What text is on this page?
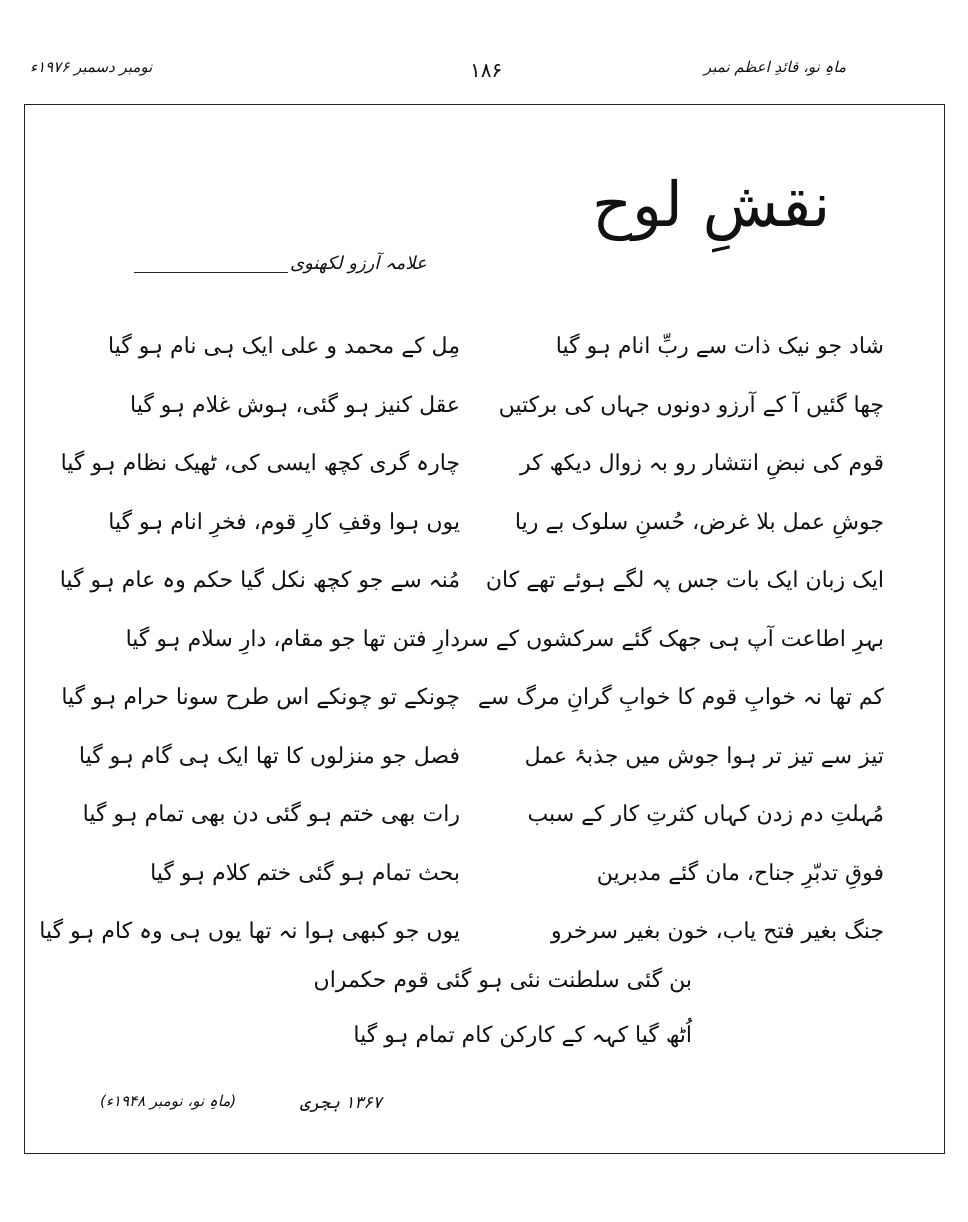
ماہِ نو، قائدِ اعظم نمبر
۱۸۶
نومبر دسمبر ۱۹۷۶ء
نقشِ لوح
علامہ آرزو لکھنوی
شاد جو نیک ذات سے ربِّ انام ہو گیا
چھا گئیں آ کے آرزو دونوں جہاں کی برکتیں
قوم کی نبضِ انتشار رو بہ زوال دیکھ کر
جوشِ عمل بلا غرض، حُسنِ سلوک بے ریا
ایک زبان ایک بات جس پہ لگے ہوئے تھے کان
بہرِ اطاعت آپ ہی جھک گئے سرکشوں کے سر
کم تھا نہ خوابِ قوم کا خوابِ گرانِ مرگ سے
تیز سے تیز تر ہوا جوش میں جذبۂ عمل
مُہلتِ دم زدن کہاں کثرتِ کار کے سبب
فوقِ تدبّرِ جناح، مان گئے مدبرین
جنگ بغیر فتح یاب، خون بغیر سرخرو
مِل کے محمد و علی ایک ہی نام ہو گیا
عقل کنیز ہو گئی، ہوش غلام ہو گیا
چارہ گری کچھ ایسی کی، ٹھیک نظام ہو گیا
یوں ہوا وقفِ کارِ قوم، فخرِ انام ہو گیا
مُنہ سے جو کچھ نکل گیا حکم وہ عام ہو گیا
دارِ فتن تھا جو مقام، دارِ سلام ہو گیا
چونکے تو چونکے اس طرح سونا حرام ہو گیا
فصل جو منزلوں کا تھا ایک ہی گام ہو گیا
رات بھی ختم ہو گئی دن بھی تمام ہو گیا
بحث تمام ہو گئی ختم کلام ہو گیا
یوں جو کبھی ہوا نہ تھا یوں ہی وہ کام ہو گیا
بن گئی سلطنت نئی ہو گئی قوم حکمراں
اُٹھ گیا کہہ کے کارکن کام تمام ہو گیا
۱۳۶۷ ہجری
(ماہِ نو، نومبر ۱۹۴۸ء)
